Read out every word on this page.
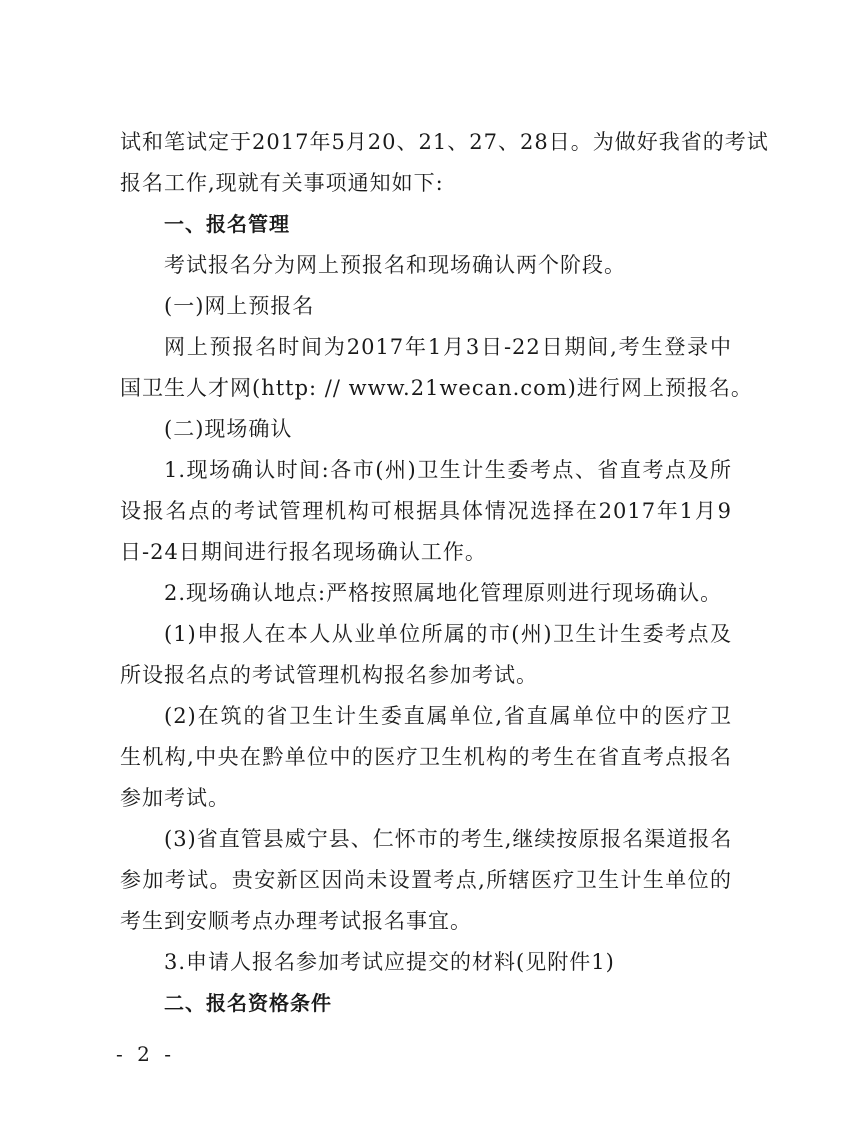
试和笔试定于2017年5月20、21、27、28日。为做好我省的考试
报名工作,现就有关事项通知如下:
一、报名管理
考试报名分为网上预报名和现场确认两个阶段。
(一)网上预报名
网上预报名时间为2017年1月3日-22日期间,考生登录中
国卫生人才网(http: // www.21wecan.com)进行网上预报名。
(二)现场确认
1.现场确认时间:各市(州)卫生计生委考点、省直考点及所
设报名点的考试管理机构可根据具体情况选择在2017年1月9
日-24日期间进行报名现场确认工作。
2.现场确认地点:严格按照属地化管理原则进行现场确认。
(1)申报人在本人从业单位所属的市(州)卫生计生委考点及
所设报名点的考试管理机构报名参加考试。
(2)在筑的省卫生计生委直属单位,省直属单位中的医疗卫
生机构,中央在黔单位中的医疗卫生机构的考生在省直考点报名
参加考试。
(3)省直管县威宁县、仁怀市的考生,继续按原报名渠道报名
参加考试。贵安新区因尚未设置考点,所辖医疗卫生计生单位的
考生到安顺考点办理考试报名事宜。
3.申请人报名参加考试应提交的材料(见附件1)
二、报名资格条件
- 2 -
